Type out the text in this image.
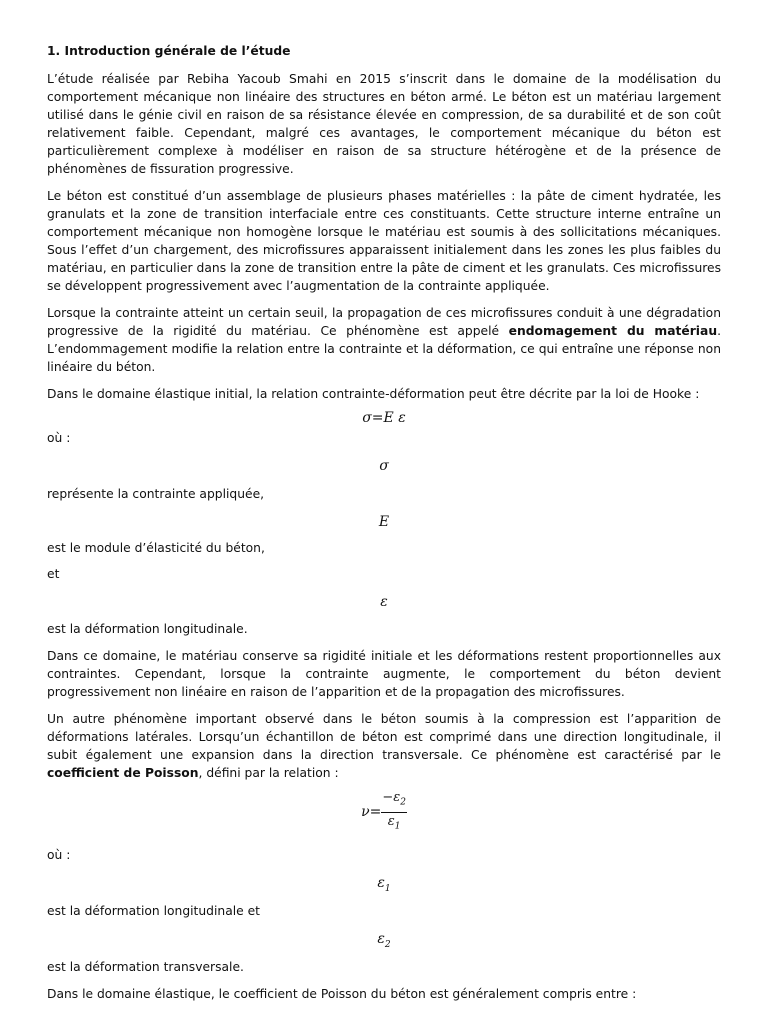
1. Introduction générale de l’étude

L’étude réalisée par Rebiha Yacoub Smahi en 2015 s’inscrit dans le domaine de la modélisation du comportement mécanique non linéaire des structures en béton armé. Le béton est un matériau largement utilisé dans le génie civil en raison de sa résistance élevée en compression, de sa durabilité et de son coût relativement faible. Cependant, malgré ces avantages, le comportement mécanique du béton est particulièrement complexe à modéliser en raison de sa structure hétérogène et de la présence de phénomènes de fissuration progressive.

Le béton est constitué d’un assemblage de plusieurs phases matérielles : la pâte de ciment hydratée, les granulats et la zone de transition interfaciale entre ces constituants. Cette structure interne entraîne un comportement mécanique non homogène lorsque le matériau est soumis à des sollicitations mécaniques. Sous l’effet d’un chargement, des microfissures apparaissent initialement dans les zones les plus faibles du matériau, en particulier dans la zone de transition entre la pâte de ciment et les granulats. Ces microfissures se développent progressivement avec l’augmentation de la contrainte appliquée.

Lorsque la contrainte atteint un certain seuil, la propagation de ces microfissures conduit à une dégradation progressive de la rigidité du matériau. Ce phénomène est appelé endomagement du matériau. L’endommagement modifie la relation entre la contrainte et la déformation, ce qui entraîne une réponse non linéaire du béton.

Dans le domaine élastique initial, la relation contrainte-déformation peut être décrite par la loi de Hooke :

σ=E ε

où :

σ

représente la contrainte appliquée,

E

est le module d’élasticité du béton,

et

ε

est la déformation longitudinale.

Dans ce domaine, le matériau conserve sa rigidité initiale et les déformations restent proportionnelles aux contraintes. Cependant, lorsque la contrainte augmente, le comportement du béton devient progressivement non linéaire en raison de l’apparition et de la propagation des microfissures.

Un autre phénomène important observé dans le béton soumis à la compression est l’apparition de déformations latérales. Lorsqu’un échantillon de béton est comprimé dans une direction longitudinale, il subit également une expansion dans la direction transversale. Ce phénomène est caractérisé par le coefficient de Poisson, défini par la relation :

$\nu= \frac{-\varepsilon_2}{\varepsilon_1}$

où :

$\varepsilon_1$

est la déformation longitudinale et

$\varepsilon_2$

est la déformation transversale.

Dans le domaine élastique, le coefficient de Poisson du béton est généralement compris entre :
